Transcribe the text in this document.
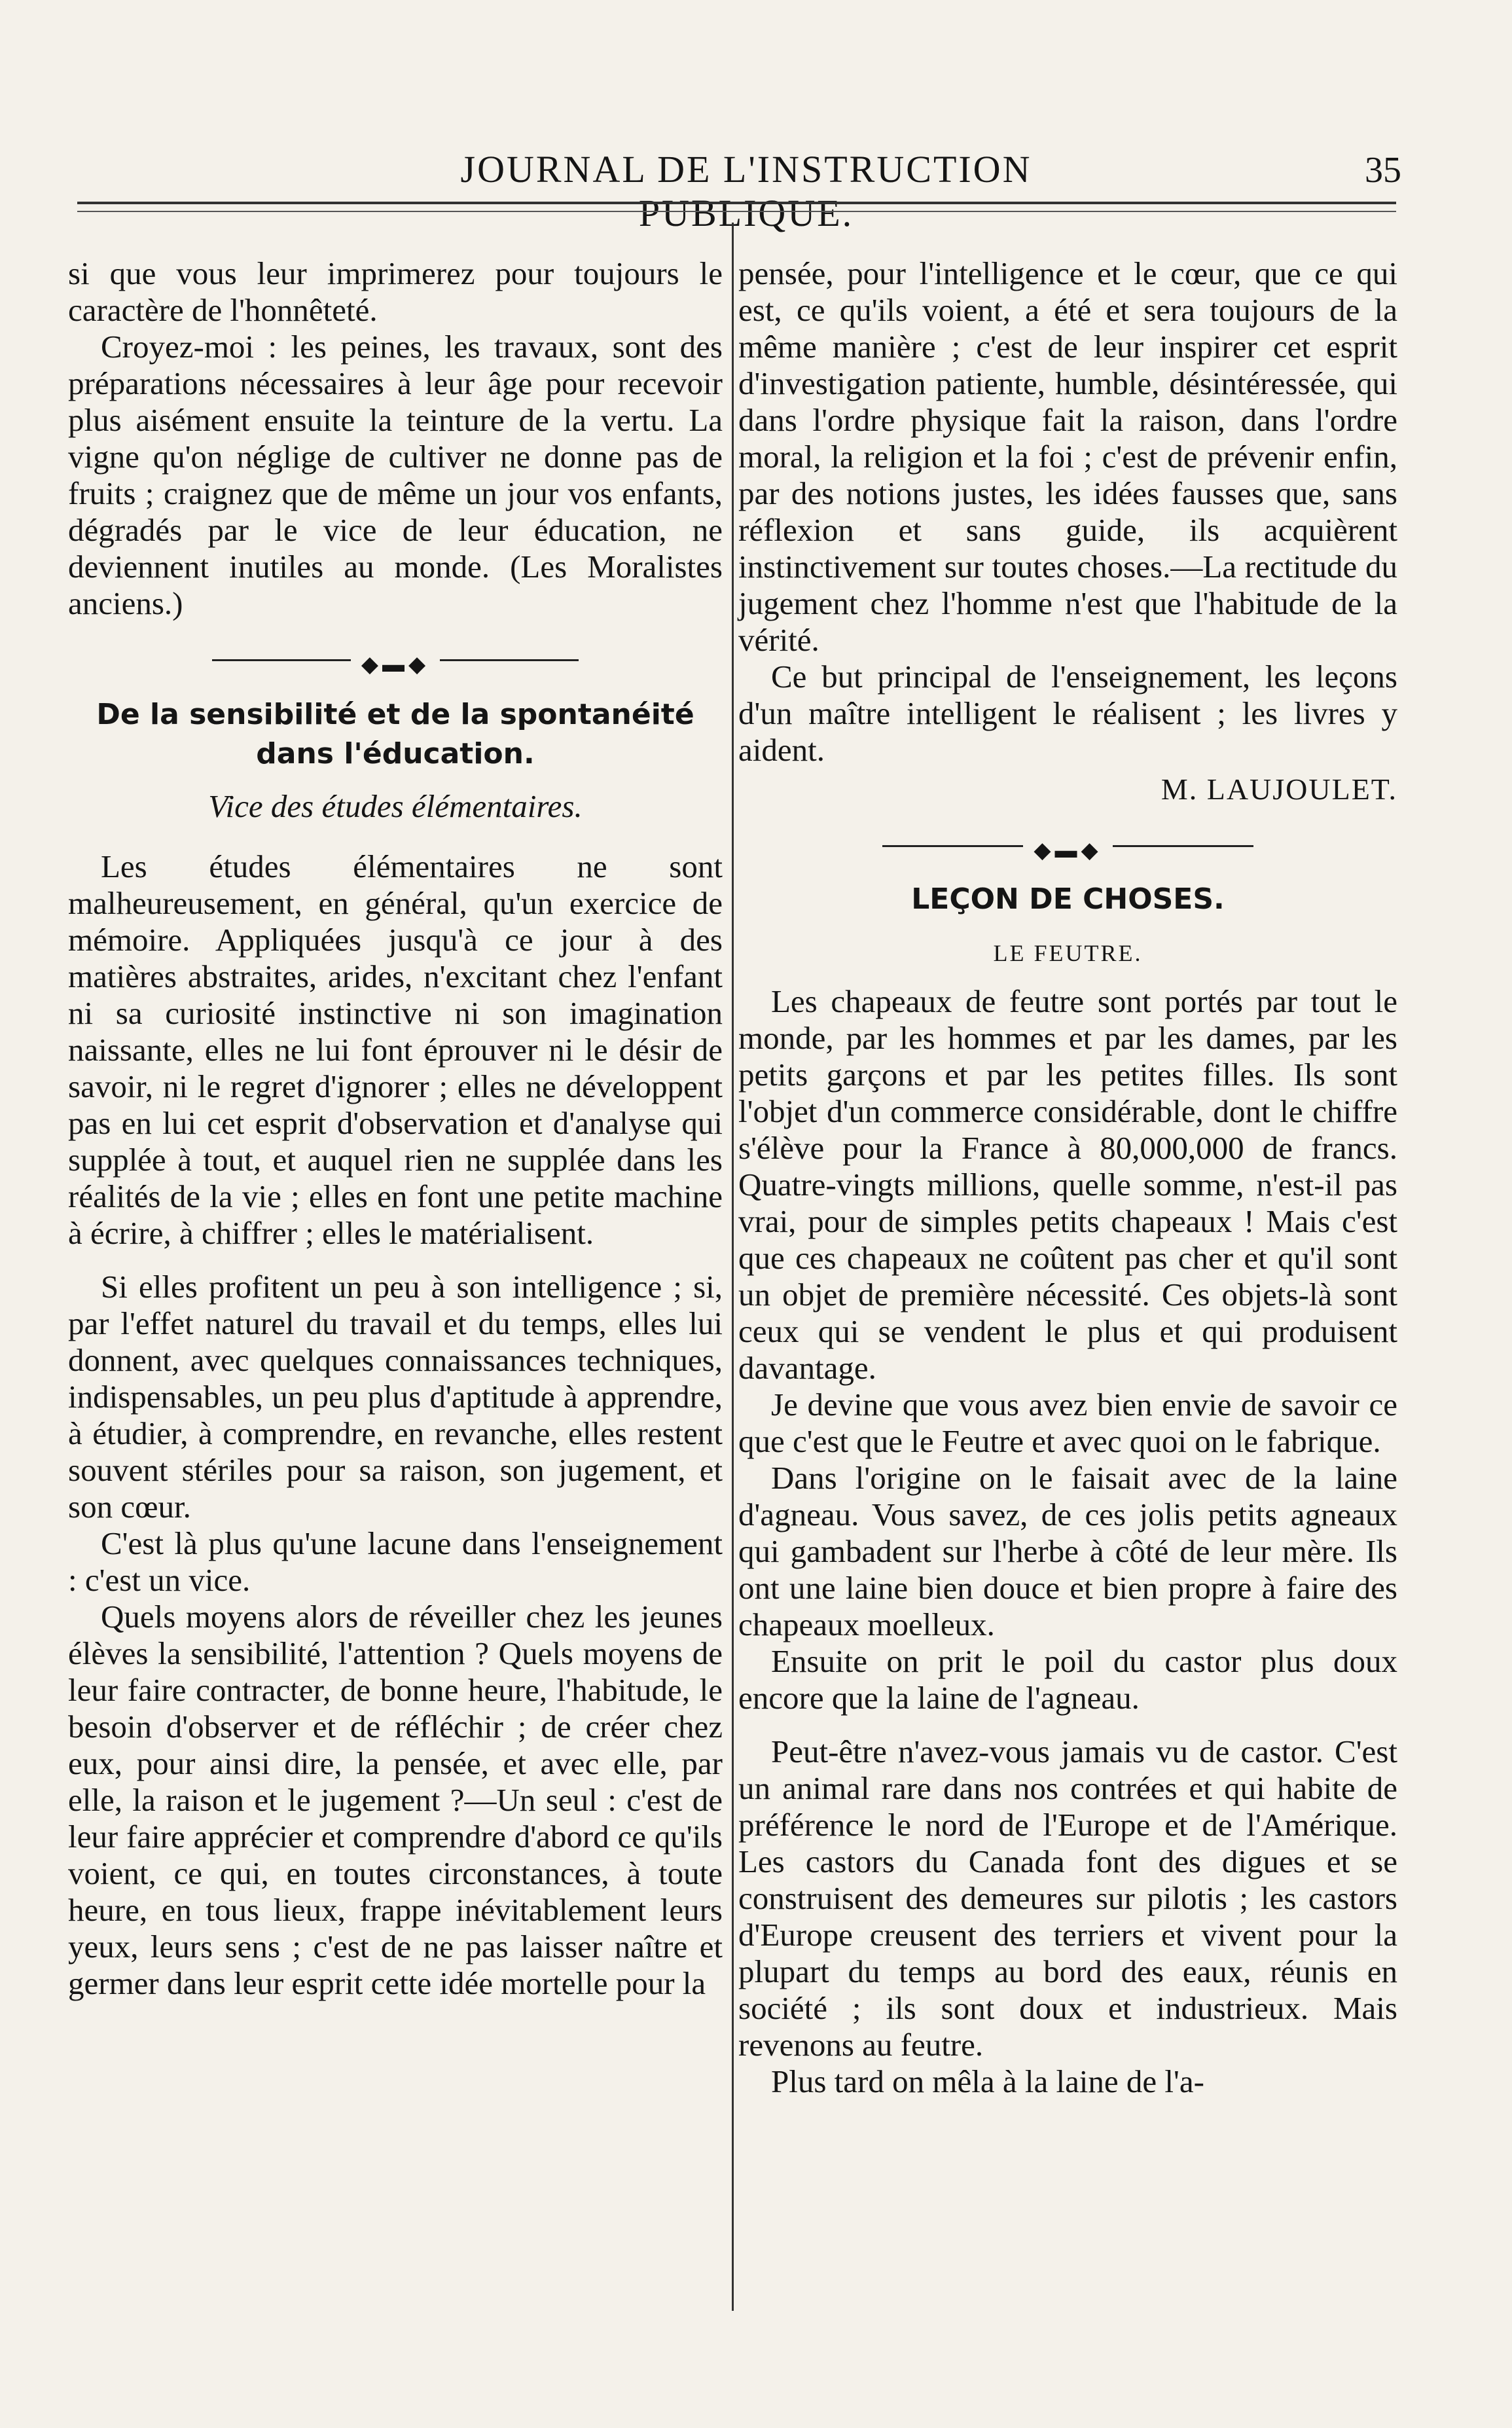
JOURNAL DE L'INSTRUCTION PUBLIQUE.
35

si que vous leur imprimerez pour toujours le caractère de l'honnêteté.

Croyez-moi : les peines, les travaux, sont des préparations nécessaires à leur âge pour recevoir plus aisément ensuite la teinture de la vertu. La vigne qu'on néglige de cultiver ne donne pas de fruits ; craignez que de même un jour vos enfants, dégradés par le vice de leur éducation, ne deviennent inutiles au monde. (Les Moralistes anciens.)

◆▬◆
De la sensibilité et de la spontanéité dans l'éducation.
Vice des études élémentaires.

Les études élémentaires ne sont malheureusement, en général, qu'un exercice de mémoire. Appliquées jusqu'à ce jour à des matières abstraites, arides, n'excitant chez l'enfant ni sa curiosité instinctive ni son imagination naissante, elles ne lui font éprouver ni le désir de savoir, ni le regret d'ignorer ; elles ne développent pas en lui cet esprit d'observation et d'analyse qui supplée à tout, et auquel rien ne supplée dans les réalités de la vie ; elles en font une petite machine à écrire, à chiffrer ; elles le matérialisent.

Si elles profitent un peu à son intelligence ; si, par l'effet naturel du travail et du temps, elles lui donnent, avec quelques connaissances techniques, indispensables, un peu plus d'aptitude à apprendre, à étudier, à comprendre, en revanche, elles restent souvent stériles pour sa raison, son jugement, et son cœur.

C'est là plus qu'une lacune dans l'enseignement : c'est un vice.

Quels moyens alors de réveiller chez les jeunes élèves la sensibilité, l'attention ? Quels moyens de leur faire contracter, de bonne heure, l'habitude, le besoin d'observer et de réfléchir ; de créer chez eux, pour ainsi dire, la pensée, et avec elle, par elle, la raison et le jugement ?—Un seul : c'est de leur faire apprécier et comprendre d'abord ce qu'ils voient, ce qui, en toutes circonstances, à toute heure, en tous lieux, frappe inévitablement leurs yeux, leurs sens ; c'est de ne pas laisser naître et germer dans leur esprit cette idée mortelle pour la

pensée, pour l'intelligence et le cœur, que ce qui est, ce qu'ils voient, a été et sera toujours de la même manière ; c'est de leur inspirer cet esprit d'investigation patiente, humble, désintéressée, qui dans l'ordre physique fait la raison, dans l'ordre moral, la religion et la foi ; c'est de prévenir enfin, par des notions justes, les idées fausses que, sans réflexion et sans guide, ils acquièrent instinctivement sur toutes choses.—La rectitude du jugement chez l'homme n'est que l'habitude de la vérité.

Ce but principal de l'enseignement, les leçons d'un maître intelligent le réalisent ; les livres y aident.

M. LAUJOULET.
◆▬◆
LEÇON DE CHOSES.
LE FEUTRE.

Les chapeaux de feutre sont portés par tout le monde, par les hommes et par les dames, par les petits garçons et par les petites filles. Ils sont l'objet d'un commerce considérable, dont le chiffre s'élève pour la France à 80,000,000 de francs. Quatre-vingts millions, quelle somme, n'est-il pas vrai, pour de simples petits chapeaux ! Mais c'est que ces chapeaux ne coûtent pas cher et qu'il sont un objet de première nécessité. Ces objets-là sont ceux qui se vendent le plus et qui produisent davantage.

Je devine que vous avez bien envie de savoir ce que c'est que le Feutre et avec quoi on le fabrique.

Dans l'origine on le faisait avec de la laine d'agneau. Vous savez, de ces jolis petits agneaux qui gambadent sur l'herbe à côté de leur mère. Ils ont une laine bien douce et bien propre à faire des chapeaux moelleux.

Ensuite on prit le poil du castor plus doux encore que la laine de l'agneau.

Peut-être n'avez-vous jamais vu de castor. C'est un animal rare dans nos contrées et qui habite de préférence le nord de l'Europe et de l'Amérique. Les castors du Canada font des digues et se construisent des demeures sur pilotis ; les castors d'Europe creusent des terriers et vivent pour la plupart du temps au bord des eaux, réunis en société ; ils sont doux et industrieux. Mais revenons au feutre.

Plus tard on mêla à la laine de l'a-
